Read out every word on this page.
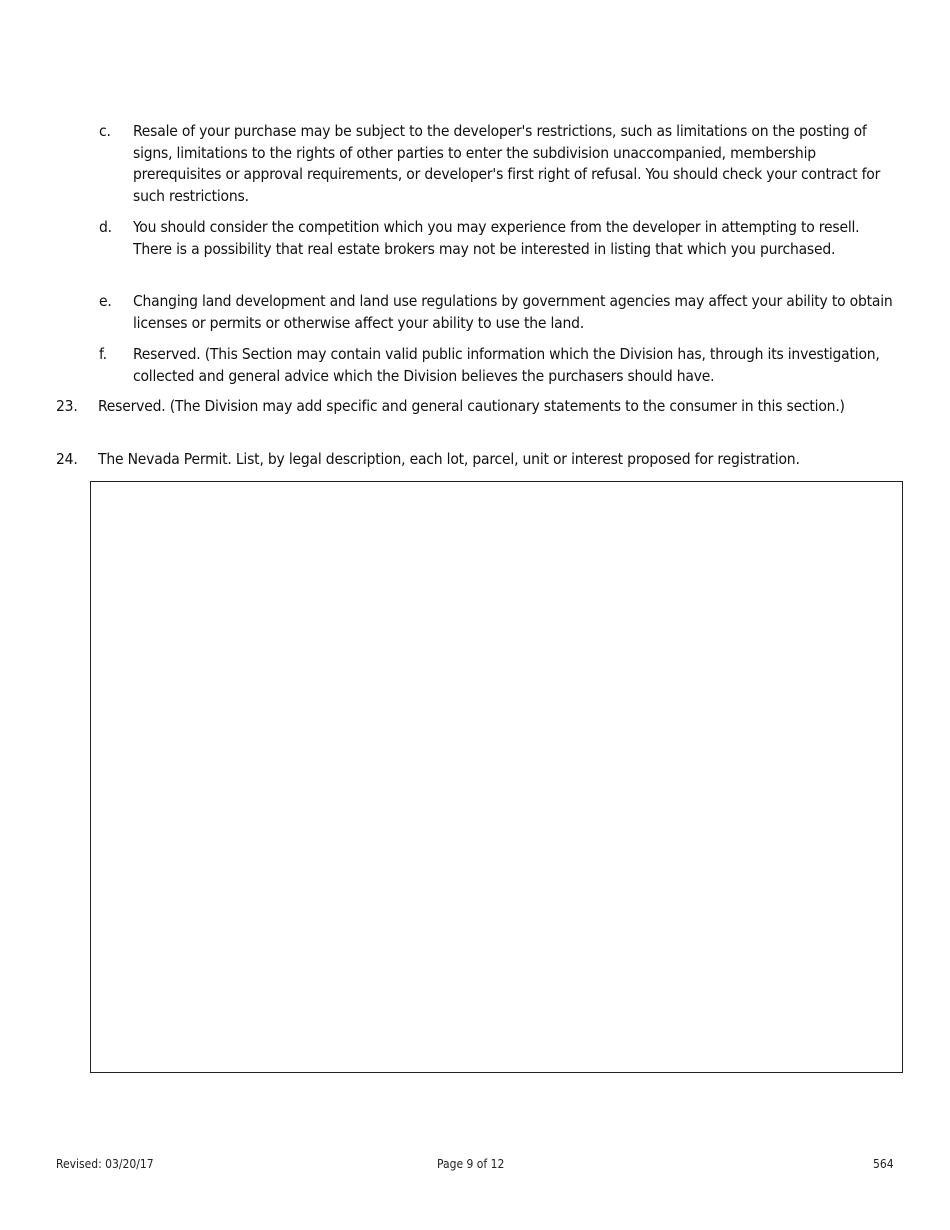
c. Resale of your purchase may be subject to the developer's restrictions, such as limitations on the posting of signs, limitations to the rights of other parties to enter the subdivision unaccompanied, membership prerequisites or approval requirements, or developer's first right of refusal. You should check your contract for such restrictions.
d. You should consider the competition which you may experience from the developer in attempting to resell. There is a possibility that real estate brokers may not be interested in listing that which you purchased.
e. Changing land development and land use regulations by government agencies may affect your ability to obtain licenses or permits or otherwise affect your ability to use the land.
f. Reserved. (This Section may contain valid public information which the Division has, through its investigation, collected and general advice which the Division believes the purchasers should have.
23. Reserved. (The Division may add specific and general cautionary statements to the consumer in this section.)
24. The Nevada Permit. List, by legal description, each lot, parcel, unit or interest proposed for registration.
Revised: 03/20/17	Page 9 of 12	564
